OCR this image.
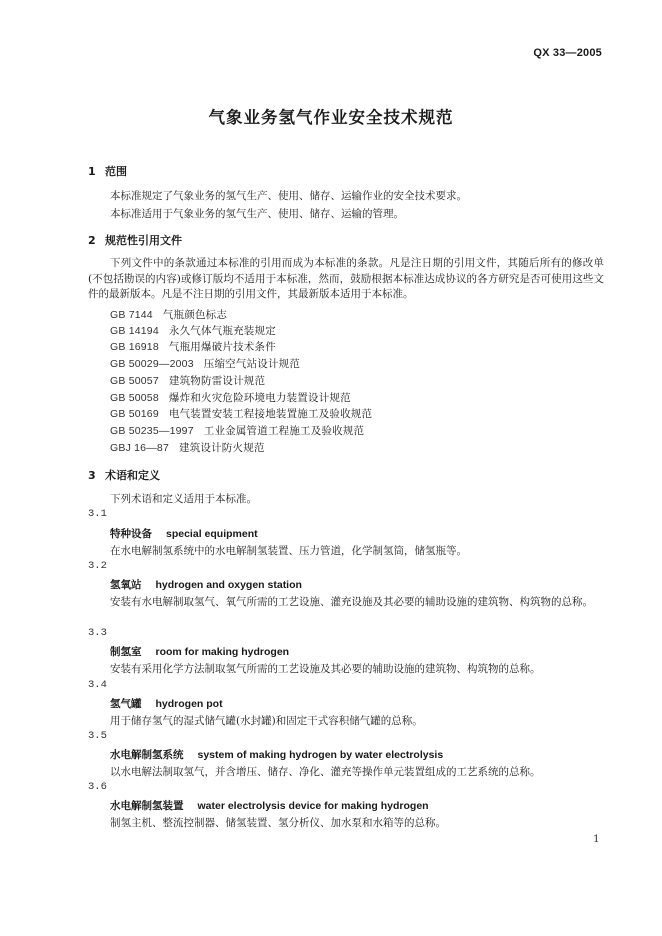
QX 33—2005
气象业务氢气作业安全技术规范
1 范围
本标准规定了气象业务的氢气生产、使用、储存、运输作业的安全技术要求。
本标准适用于气象业务的氢气生产、使用、储存、运输的管理。
2 规范性引用文件
下列文件中的条款通过本标准的引用而成为本标准的条款。凡是注日期的引用文件，其随后所有的修改单(不包括勘误的内容)或修订版均不适用于本标准，然而，鼓励根据本标准达成协议的各方研究是否可使用这些文件的最新版本。凡是不注日期的引用文件，其最新版本适用于本标准。
GB 7144 气瓶颜色标志
GB 14194 永久气体气瓶充装规定
GB 16918 气瓶用爆破片技术条件
GB 50029—2003 压缩空气站设计规范
GB 50057 建筑物防雷设计规范
GB 50058 爆炸和火灾危险环境电力装置设计规范
GB 50169 电气装置安装工程接地装置施工及验收规范
GB 50235—1997 工业金属管道工程施工及验收规范
GBJ 16—87 建筑设计防火规范
3 术语和定义
下列术语和定义适用于本标准。
3.1
特种设备 special equipment
在水电解制氢系统中的水电解制氢装置、压力管道，化学制氢筒，储氢瓶等。
3.2
氢氧站 hydrogen and oxygen station
安装有水电解制取氢气、氧气所需的工艺设施、灌充设施及其必要的辅助设施的建筑物、构筑物的总称。
3.3
制氢室 room for making hydrogen
安装有采用化学方法制取氢气所需的工艺设施及其必要的辅助设施的建筑物、构筑物的总称。
3.4
氢气罐 hydrogen pot
用于储存氢气的湿式储气罐(水封罐)和固定干式容积储气罐的总称。
3.5
水电解制氢系统 system of making hydrogen by water electrolysis
以水电解法制取氢气，并含增压、储存、净化、灌充等操作单元装置组成的工艺系统的总称。
3.6
水电解制氢装置 water electrolysis device for making hydrogen
制氢主机、整流控制器、储氢装置、氢分析仪、加水泵和水箱等的总称。
1
